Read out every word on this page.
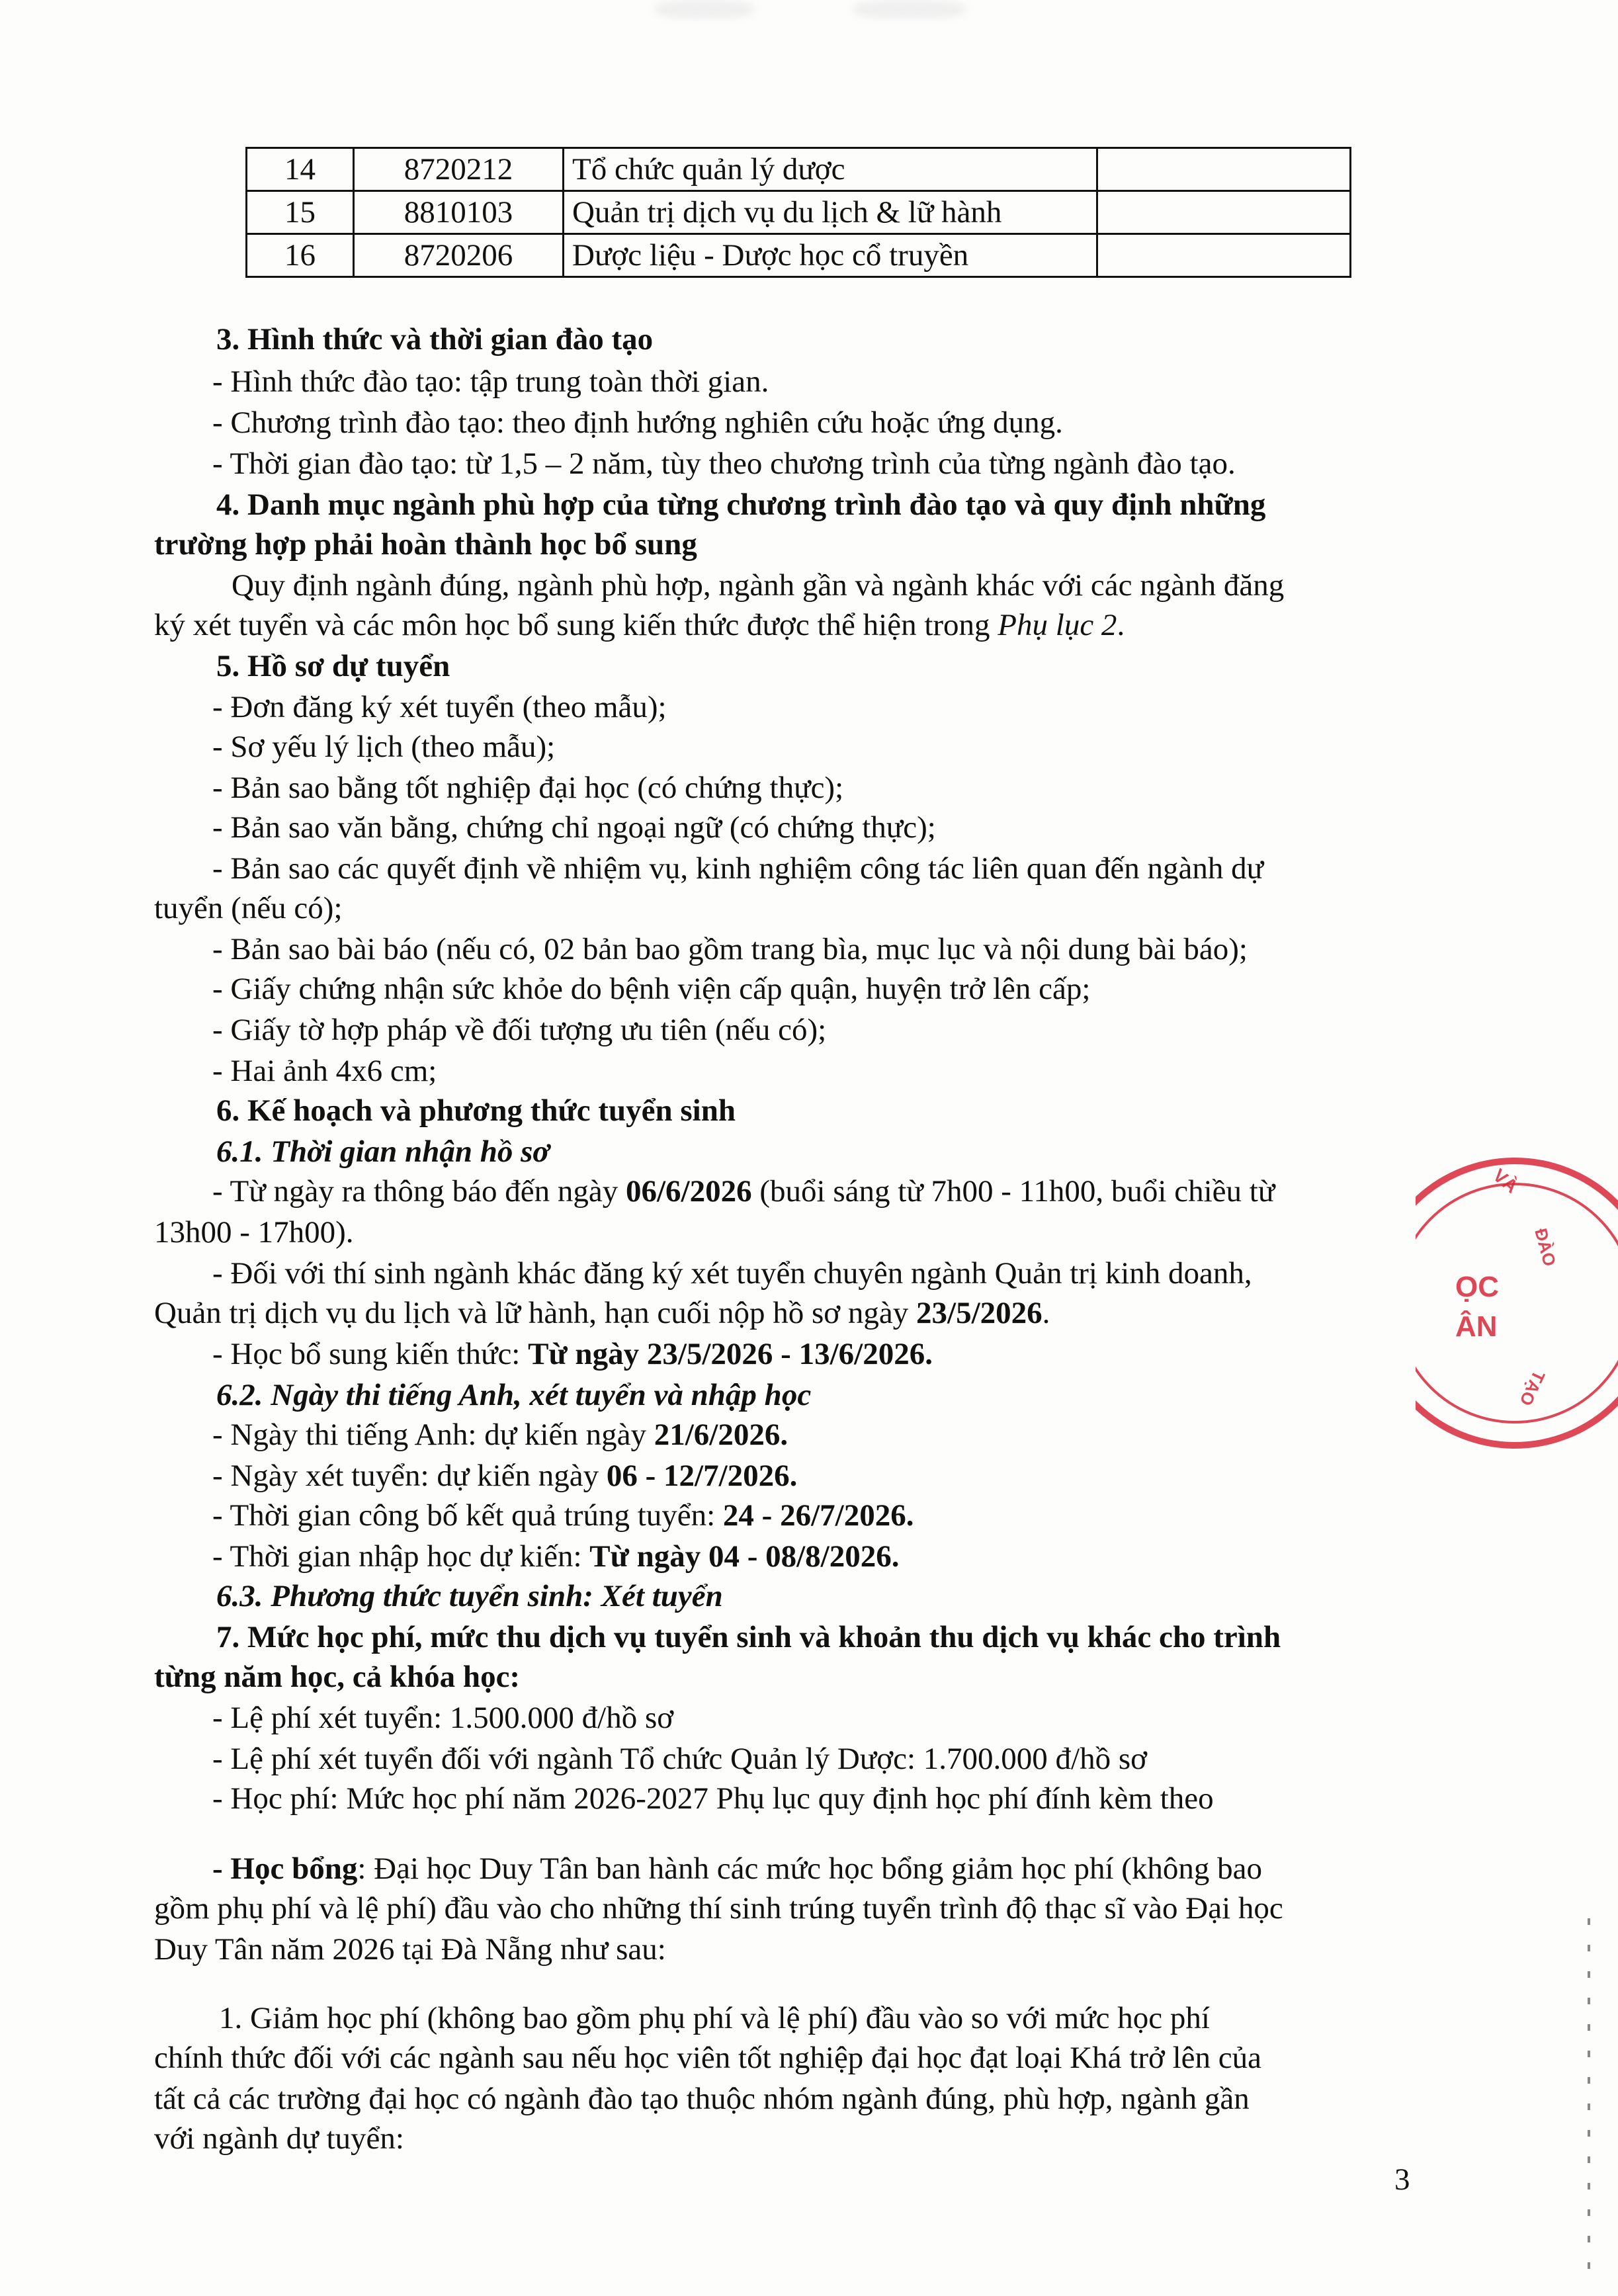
14	8720212	Tổ chức quản lý dược	
15	8810103	Quản trị dịch vụ du lịch & lữ hành	
16	8720206	Dược liệu - Dược học cổ truyền	
3. Hình thức và thời gian đào tạo
- Hình thức đào tạo: tập trung toàn thời gian.
- Chương trình đào tạo: theo định hướng nghiên cứu hoặc ứng dụng.
- Thời gian đào tạo: từ 1,5 – 2 năm, tùy theo chương trình của từng ngành đào tạo.
4. Danh mục ngành phù hợp của từng chương trình đào tạo và quy định những
trường hợp phải hoàn thành học bổ sung
Quy định ngành đúng, ngành phù hợp, ngành gần và ngành khác với các ngành đăng
ký xét tuyển và các môn học bổ sung kiến thức được thể hiện trong Phụ lục 2.
5. Hồ sơ dự tuyển
- Đơn đăng ký xét tuyển (theo mẫu);
- Sơ yếu lý lịch (theo mẫu);
- Bản sao bằng tốt nghiệp đại học (có chứng thực);
- Bản sao văn bằng, chứng chỉ ngoại ngữ (có chứng thực);
- Bản sao các quyết định về nhiệm vụ, kinh nghiệm công tác liên quan đến ngành dự
tuyển (nếu có);
- Bản sao bài báo (nếu có, 02 bản bao gồm trang bìa, mục lục và nội dung bài báo);
- Giấy chứng nhận sức khỏe do bệnh viện cấp quận, huyện trở lên cấp;
- Giấy tờ hợp pháp về đối tượng ưu tiên (nếu có);
- Hai ảnh 4x6 cm;
6. Kế hoạch và phương thức tuyển sinh
6.1. Thời gian nhận hồ sơ
- Từ ngày ra thông báo đến ngày 06/6/2026 (buổi sáng từ 7h00 - 11h00, buổi chiều từ
13h00 - 17h00).
- Đối với thí sinh ngành khác đăng ký xét tuyển chuyên ngành Quản trị kinh doanh,
Quản trị dịch vụ du lịch và lữ hành, hạn cuối nộp hồ sơ ngày 23/5/2026.
- Học bổ sung kiến thức: Từ ngày 23/5/2026 - 13/6/2026.
6.2. Ngày thi tiếng Anh, xét tuyển và nhập học
- Ngày thi tiếng Anh: dự kiến ngày 21/6/2026.
- Ngày xét tuyển: dự kiến ngày 06 - 12/7/2026.
- Thời gian công bố kết quả trúng tuyển: 24 - 26/7/2026.
- Thời gian nhập học dự kiến: Từ ngày 04 - 08/8/2026.
6.3. Phương thức tuyển sinh: Xét tuyển
7. Mức học phí, mức thu dịch vụ tuyển sinh và khoản thu dịch vụ khác cho trình
từng năm học, cả khóa học:
- Lệ phí xét tuyển: 1.500.000 đ/hồ sơ
- Lệ phí xét tuyển đối với ngành Tổ chức Quản lý Dược: 1.700.000 đ/hồ sơ
- Học phí: Mức học phí năm 2026-2027 Phụ lục quy định học phí đính kèm theo
- Học bổng: Đại học Duy Tân ban hành các mức học bổng giảm học phí (không bao
gồm phụ phí và lệ phí) đầu vào cho những thí sinh trúng tuyển trình độ thạc sĩ vào Đại học
Duy Tân năm 2026 tại Đà Nẵng như sau:
1. Giảm học phí (không bao gồm phụ phí và lệ phí) đầu vào so với mức học phí
chính thức đối với các ngành sau nếu học viên tốt nghiệp đại học đạt loại Khá trở lên của
tất cả các trường đại học có ngành đào tạo thuộc nhóm ngành đúng, phù hợp, ngành gần
với ngành dự tuyển:
3
VÀ
ĐÀO
TẠO
ỌC
ÂN
